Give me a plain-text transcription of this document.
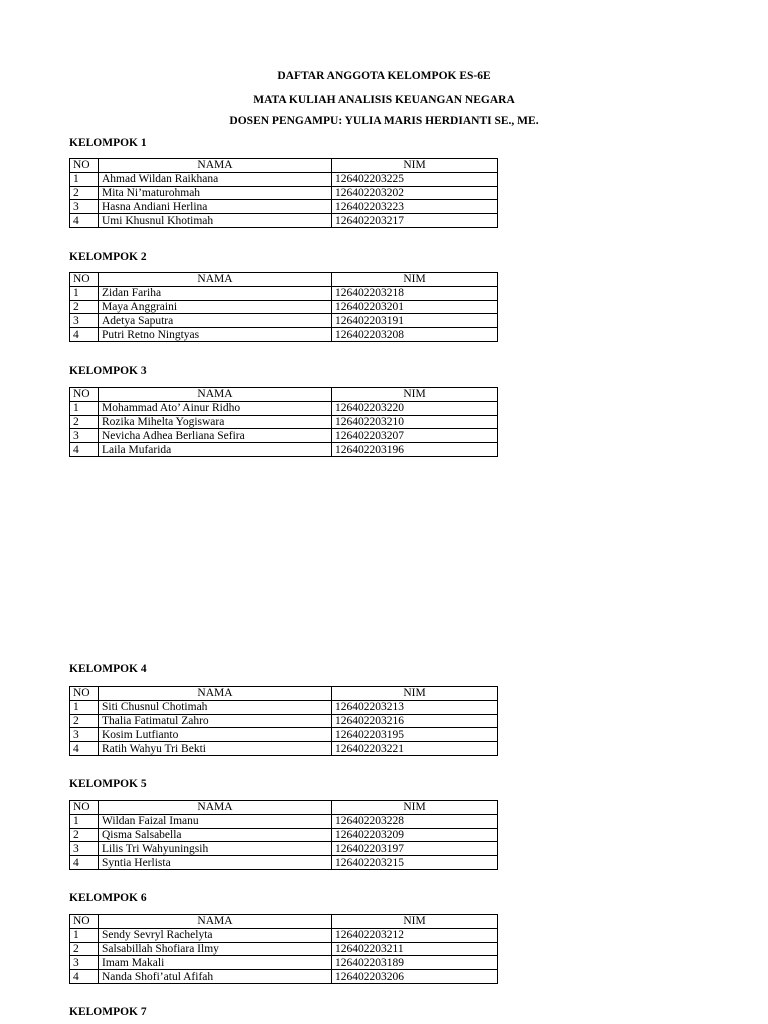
DAFTAR ANGGOTA KELOMPOK ES-6E
MATA KULIAH ANALISIS KEUANGAN NEGARA
DOSEN PENGAMPU: YULIA MARIS HERDIANTI SE., ME.
KELOMPOK 1
NO	NAMA	NIM
1	Ahmad Wildan Raikhana	126402203225
2	Mita Ni’maturohmah	126402203202
3	Hasna Andiani Herlina	126402203223
4	Umi Khusnul Khotimah	126402203217
KELOMPOK 2
NO	NAMA	NIM
1	Zidan Fariha	126402203218
2	Maya Anggraini	126402203201
3	Adetya Saputra	126402203191
4	Putri Retno Ningtyas	126402203208
KELOMPOK 3
NO	NAMA	NIM
1	Mohammad Ato’ Ainur Ridho	126402203220
2	Rozika Mihelta Yogiswara	126402203210
3	Nevicha Adhea Berliana Sefira	126402203207
4	Laila Mufarida	126402203196
KELOMPOK 4
NO	NAMA	NIM
1	Siti Chusnul Chotimah	126402203213
2	Thalia Fatimatul Zahro	126402203216
3	Kosim Lutfianto	126402203195
4	Ratih Wahyu Tri Bekti	126402203221
KELOMPOK 5
NO	NAMA	NIM
1	Wildan Faizal Imanu	126402203228
2	Qisma Salsabella	126402203209
3	Lilis Tri Wahyuningsih	126402203197
4	Syntia Herlista	126402203215
KELOMPOK 6
NO	NAMA	NIM
1	Sendy Sevryl Rachelyta	126402203212
2	Salsabillah Shofiara Ilmy	126402203211
3	Imam Makali	126402203189
4	Nanda Shofi’atul Afifah	126402203206
KELOMPOK 7
